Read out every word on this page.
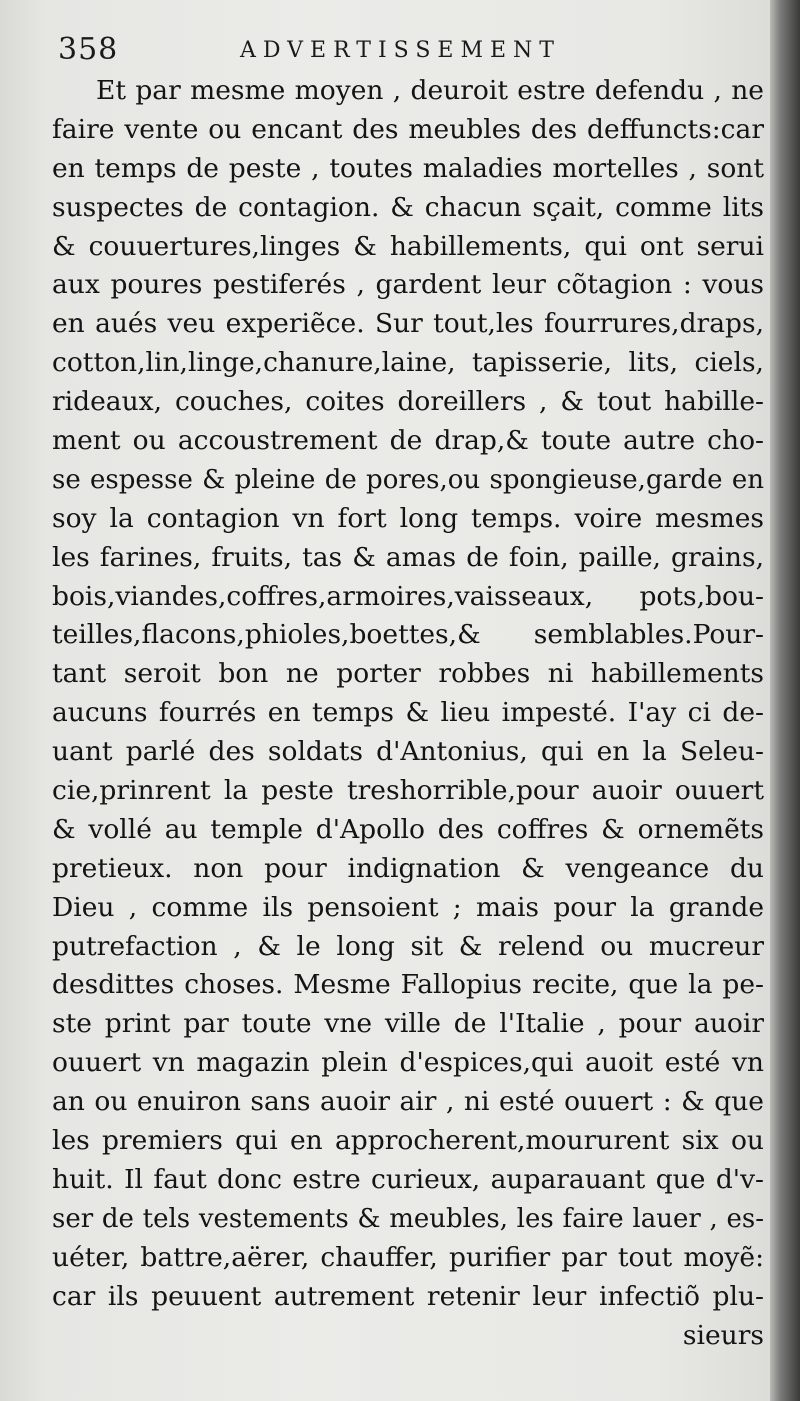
358	ADVERTISSEMENT
Et par mesme moyen , deuroit estre defendu , ne
faire vente ou encant des meubles des deffuncts:car
en temps de peste , toutes maladies mortelles , sont
suspectes de contagion. & chacun sçait, comme lits
& couuertures,linges & habillements, qui ont serui
aux poures pestiferés , gardent leur cõtagion : vous
en aués veu experiẽce. Sur tout,les fourrures,draps,
cotton,lin,linge,chanure,laine, tapisserie, lits, ciels,
rideaux, couches, coites doreillers , & tout habille-
ment ou accoustrement de drap,& toute autre cho-
se espesse & pleine de pores,ou spongieuse,garde en
soy la contagion vn fort long temps. voire mesmes
les farines, fruits, tas & amas de foin, paille, grains,
bois,viandes,coffres,armoires,vaisseaux, pots,bou-
teilles,flacons,phioles,boettes,& semblables.Pour-
tant seroit bon ne porter robbes ni habillements
aucuns fourrés en temps & lieu impesté. I'ay ci de-
uant parlé des soldats d'Antonius, qui en la Seleu-
cie,prinrent la peste treshorrible,pour auoir ouuert
& vollé au temple d'Apollo des coffres & ornemẽts
pretieux. non pour indignation & vengeance du
Dieu , comme ils pensoient ; mais pour la grande
putrefaction , & le long sit & relend ou mucreur
desdittes choses. Mesme Fallopius recite, que la pe-
ste print par toute vne ville de l'Italie , pour auoir
ouuert vn magazin plein d'espices,qui auoit esté vn
an ou enuiron sans auoir air , ni esté ouuert : & que
les premiers qui en approcherent,moururent six ou
huit. Il faut donc estre curieux, auparauant que d'v-
ser de tels vestements & meubles, les faire lauer , es-
uéter, battre,aërer, chauffer, purifier par tout moyẽ:
car ils peuuent autrement retenir leur infectiõ plu-
sieurs
